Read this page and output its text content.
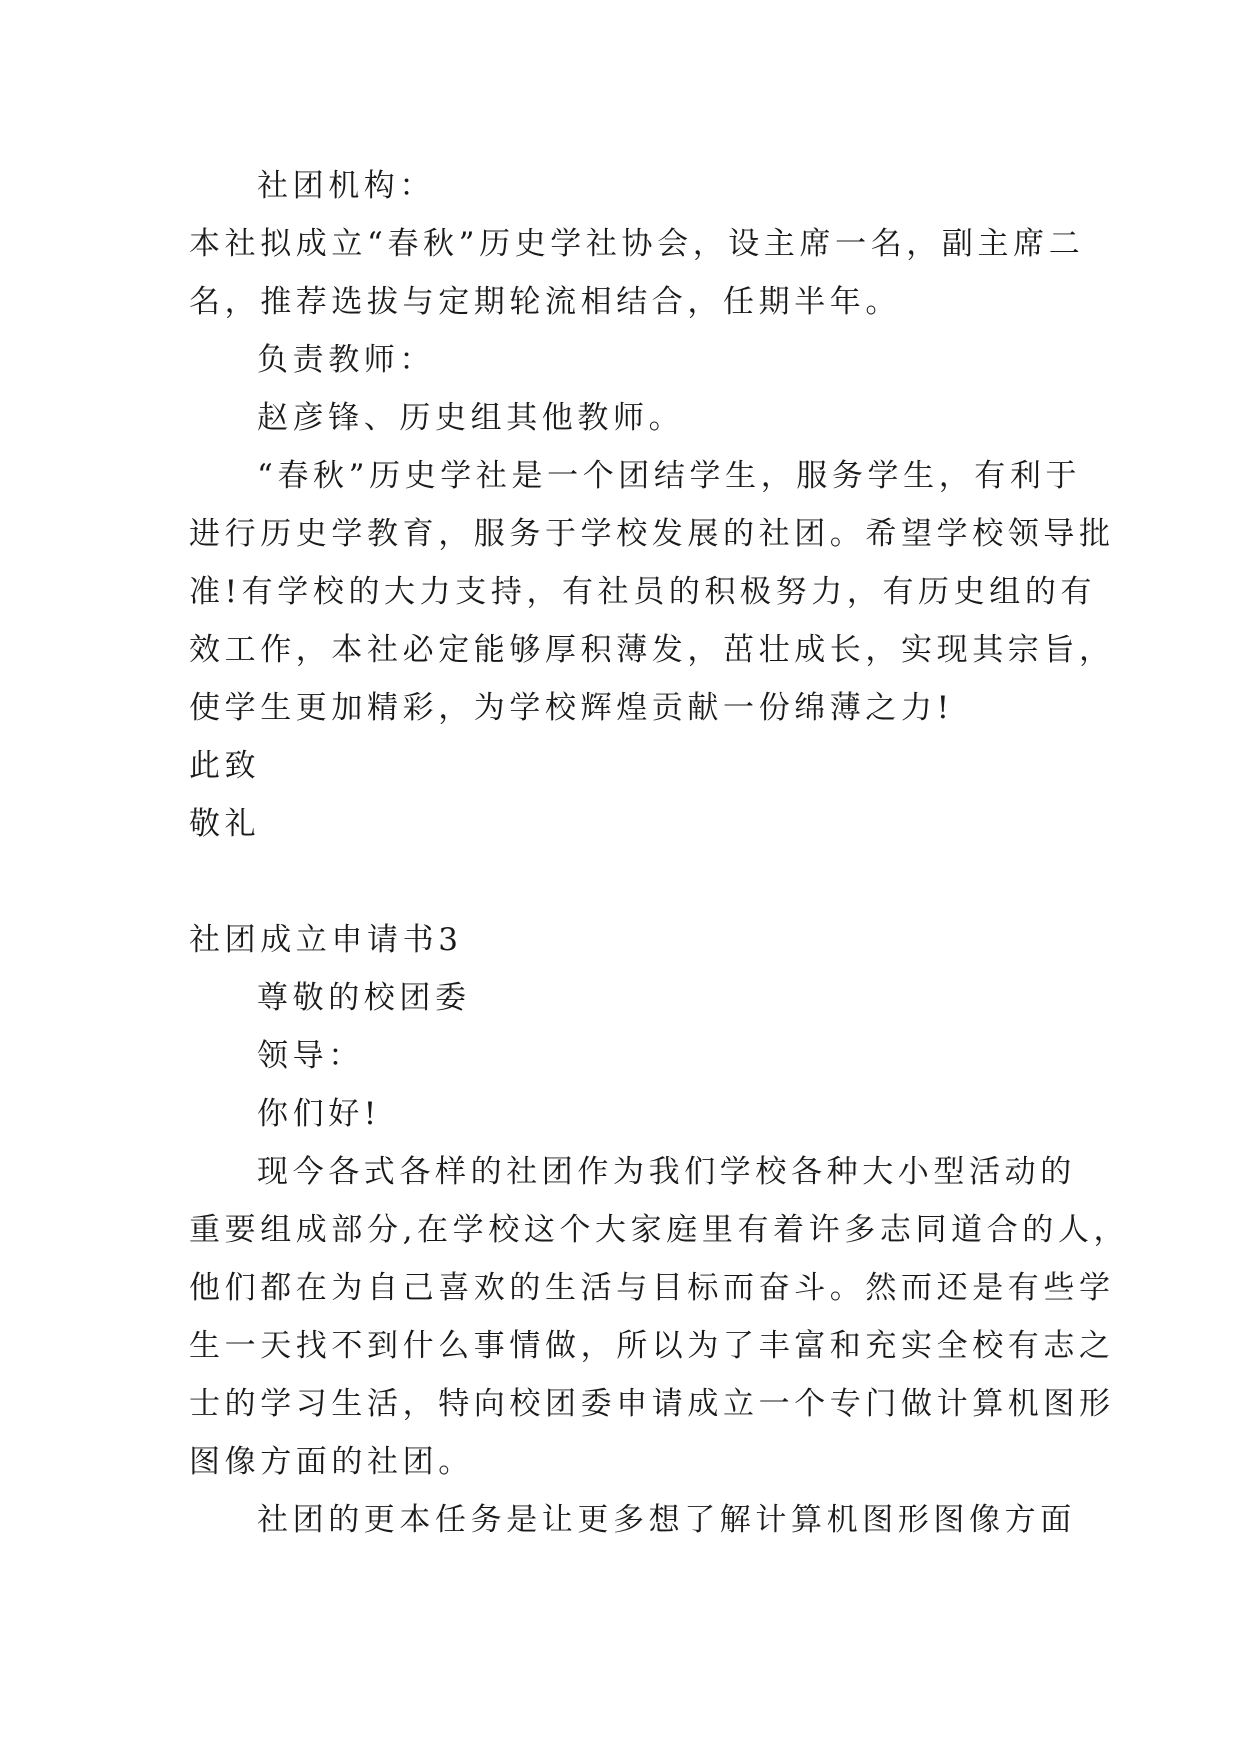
社团机构：
本社拟成立“春秋”历史学社协会，设主席一名，副主席二
名，推荐选拔与定期轮流相结合，任期半年。
负责教师：
赵彦锋、历史组其他教师。
“春秋”历史学社是一个团结学生，服务学生，有利于
进行历史学教育，服务于学校发展的社团。希望学校领导批
准!有学校的大力支持，有社员的积极努力，有历史组的有
效工作，本社必定能够厚积薄发，茁壮成长，实现其宗旨，
使学生更加精彩，为学校辉煌贡献一份绵薄之力!
此致
敬礼
社团成立申请书3
尊敬的校团委
领导：
你们好!
现今各式各样的社团作为我们学校各种大小型活动的
重要组成部分,在学校这个大家庭里有着许多志同道合的人，
他们都在为自己喜欢的生活与目标而奋斗。然而还是有些学
生一天找不到什么事情做，所以为了丰富和充实全校有志之
士的学习生活，特向校团委申请成立一个专门做计算机图形
图像方面的社团。
社团的更本任务是让更多想了解计算机图形图像方面
